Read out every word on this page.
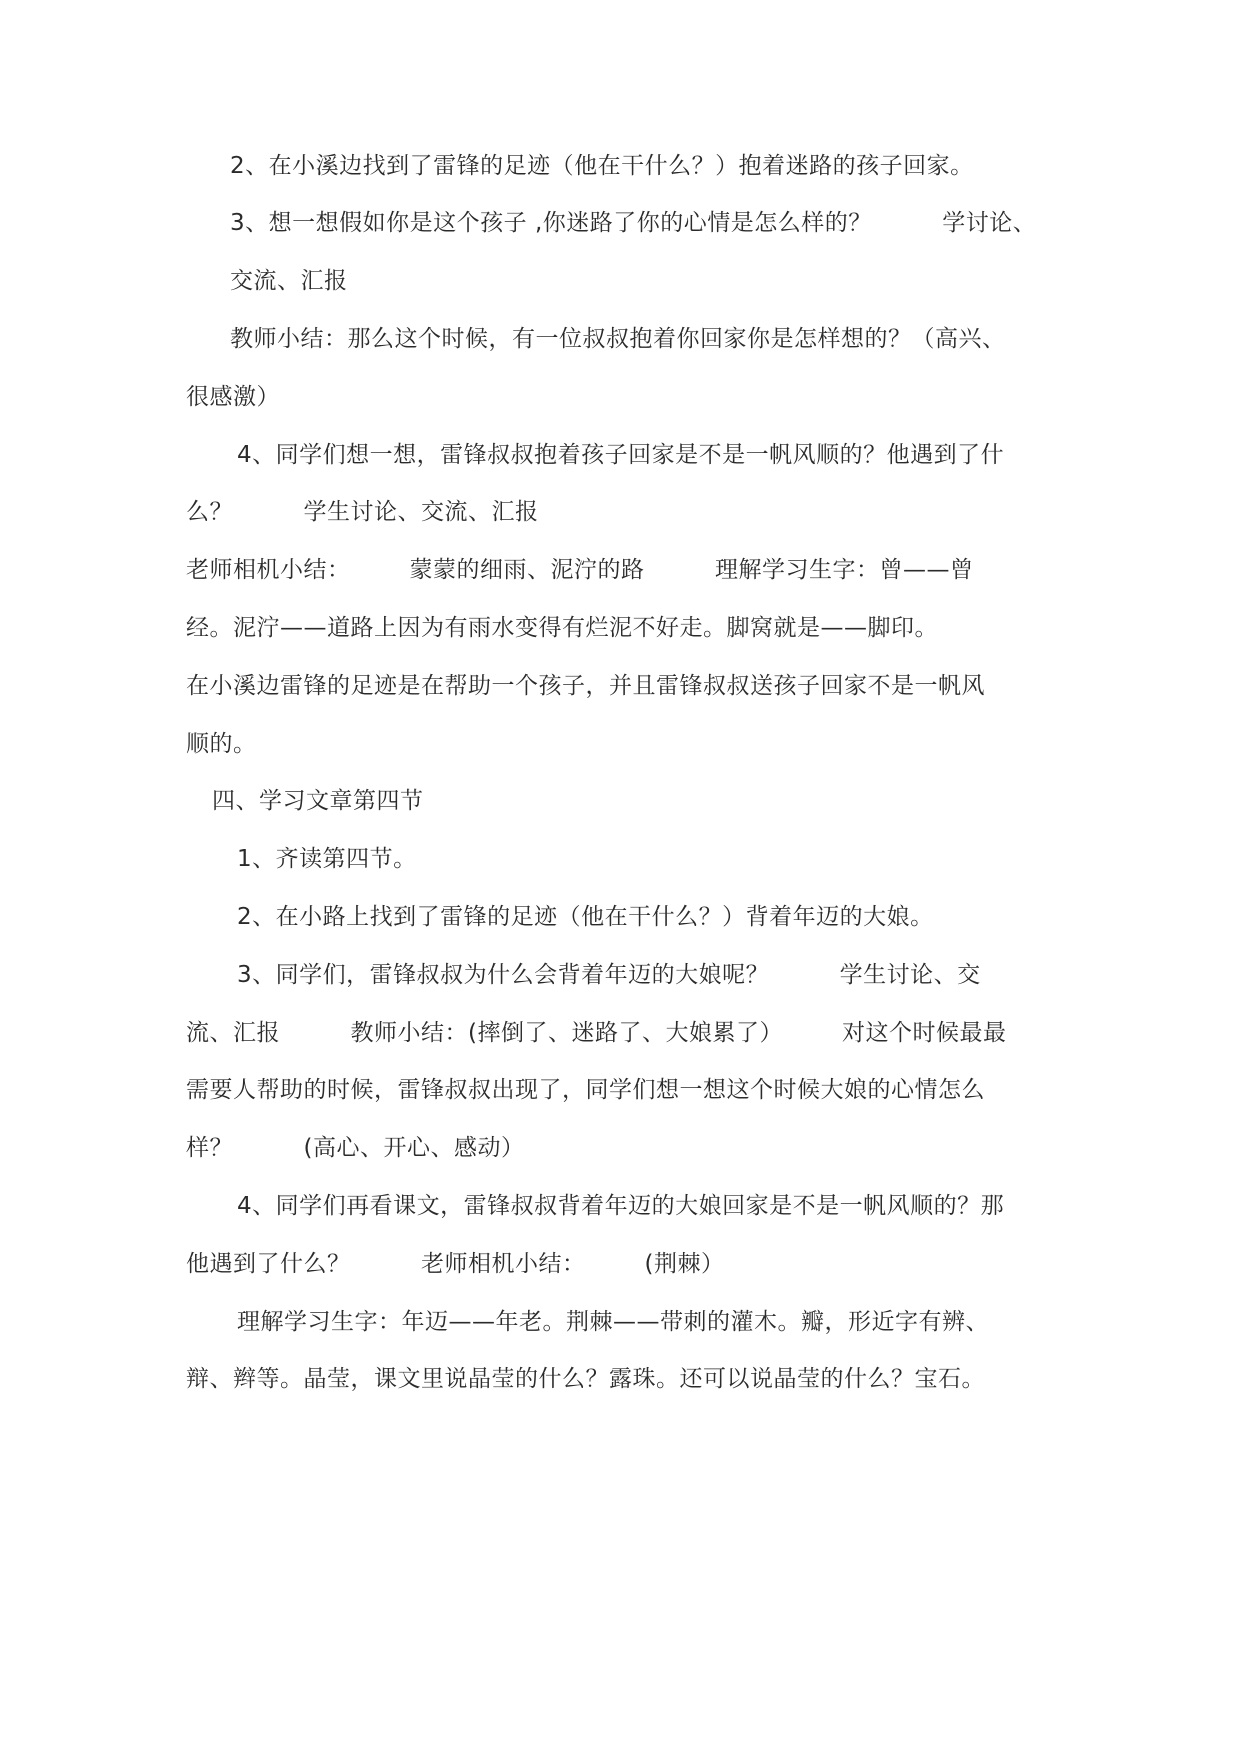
2、在小溪边找到了雷锋的足迹（他在干什么？）抱着迷路的孩子回家。
3、想一想假如你是这个孩子 ,你迷路了你的心情是怎么样的？　　　学讨论、
交流、汇报
教师小结：那么这个时候，有一位叔叔抱着你回家你是怎样想的？（高兴、
很感激）
4、同学们想一想，雷锋叔叔抱着孩子回家是不是一帆风顺的？他遇到了什
么？　　　学生讨论、交流、汇报
老师相机小结：　　　蒙蒙的细雨、泥泞的路　　　理解学习生字：曾——曾
经。泥泞——道路上因为有雨水变得有烂泥不好走。脚窝就是——脚印。
在小溪边雷锋的足迹是在帮助一个孩子，并且雷锋叔叔送孩子回家不是一帆风
顺的。
四、学习文章第四节
1、齐读第四节。
2、在小路上找到了雷锋的足迹（他在干什么？）背着年迈的大娘。
3、同学们，雷锋叔叔为什么会背着年迈的大娘呢？　　　学生讨论、交
流、汇报　　　教师小结：(摔倒了、迷路了、大娘累了）　　　对这个时候最最
需要人帮助的时候，雷锋叔叔出现了，同学们想一想这个时候大娘的心情怎么
样？　　　(高心、开心、感动）
4、同学们再看课文，雷锋叔叔背着年迈的大娘回家是不是一帆风顺的？那
他遇到了什么？　　　老师相机小结：　　　(荆棘）
理解学习生字：年迈——年老。荆棘——带刺的灌木。瓣，形近字有辨、
辩、辫等。晶莹，课文里说晶莹的什么？露珠。还可以说晶莹的什么？宝石。
